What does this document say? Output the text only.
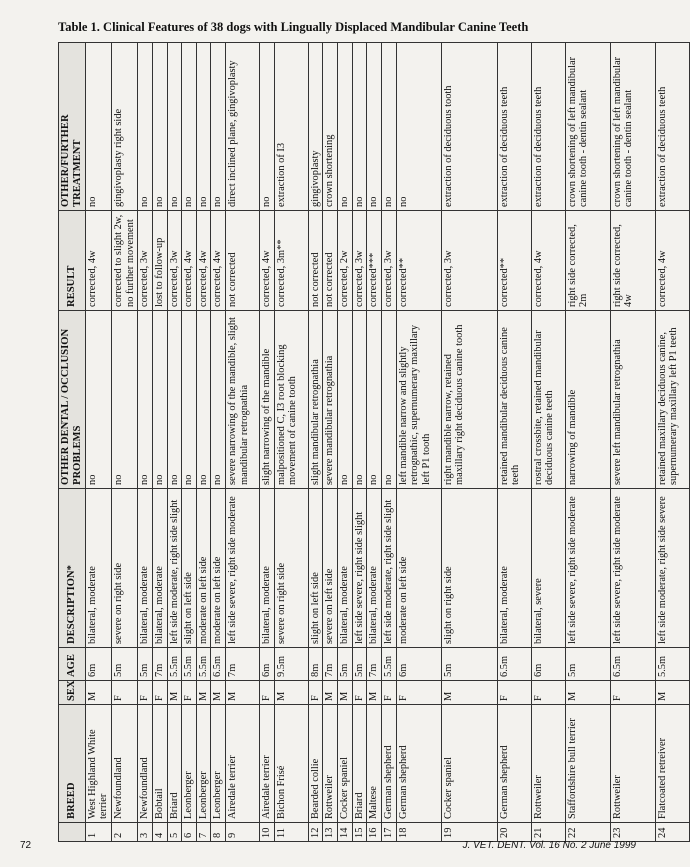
Table 1. Clinical Features of 38 dogs with Lingually Displaced Mandibular Canine Teeth
	BREED	SEX	AGE	DESCRIPTION*	OTHER DENTAL / OCCLUSION PROBLEMS	RESULT	OTHER/FURTHER TREATMENT
1	West Highland White terrier	M	6m	bilateral, moderate	no	corrected, 4w	no
2	Newfoundland	F	5m	severe on right side	no	corrected to slight 2w, no further movement	gingivoplasty right side
3	Newfoundland	F	5m	bilateral, moderate	no	corrected, 3w	no
4	Bobtail	F	7m	bilateral, moderate	no	lost to follow-up	no
5	Briard	M	5.5m	left side moderate, right side slight	no	corrected, 3w	no
6	Leonberger	F	5.5m	slight on left side	no	corrected, 4w	no
7	Leonberger	M	5.5m	moderate on left side	no	corrected, 4w	no
8	Leonberger	M	6.5m	moderate on left side	no	corrected, 4w	no
9	Airedale terrier	M	7m	left side severe, right side moderate	severe narrowing of the mandible, slight mandibular retrognathia	not corrected	direct inclined plane, gingivoplasty
10	Airedale terrier	F	6m	bilateral, moderate	slight narrowing of the mandible	corrected, 4w	no
11	Bichon Frisé	M	9.5m	severe on right side	malpositioned C, I3 root blocking movement of canine tooth	corrected, 3m**	extraction of I3
12	Bearded collie	F	8m	slight on left side	slight mandibular retrognathia	not corrected	gingivoplasty
13	Rottweiler	M	7m	severe on left side	severe mandibular retrognathia	not corrected	crown shortening
14	Cocker spaniel	M	5m	bilateral, moderate	no	corrected, 2w	no
15	Briard	F	5m	left side severe, right side slight	no	corrected, 3w	no
16	Maltese	M	7m	bilateral, moderate	no	corrected***	no
17	German shepherd	F	5.5m	left side moderate, right side slight	no	corrected, 3w	no
18	German shepherd	F	6m	moderate on left side	left mandible narrow and slightly retrognathic, supernumerary maxillary left P1 tooth	corrected**	no
19	Cocker spaniel	M	5m	slight on right side	right mandible narrow, retained maxillary right deciduous canine tooth	corrected, 3w	extraction of deciduous tooth
20	German shepherd	F	6.5m	bilateral, moderate	retained mandibular deciduous canine teeth	corrected**	extraction of deciduous teeth
21	Rottweiler	F	6m	bilateral, severe	rostral crossbite, retained mandibular deciduous canine teeth	corrected, 4w	extraction of deciduous teeth
22	Staffordshire bull terrier	M	5m	left side severe, right side moderate	narrowing of mandible	right side corrected, 2m	crown shortening of left mandibular canine tooth - dentin sealant
23	Rottweiler	F	6.5m	left side severe, right side moderate	severe left mandibular retrognathia	right side corrected, 4w	crown shortening of left mandibular canine tooth - dentin sealant
24	Flatcoated retreiver	M	5.5m	left side moderate, right side severe	retained maxillary deciduous canine, supernumerary maxillary left P1 teeth	corrected, 4w	extraction of deciduous teeth
72	J. VET. DENT. Vol. 16 No. 2 June 1999
